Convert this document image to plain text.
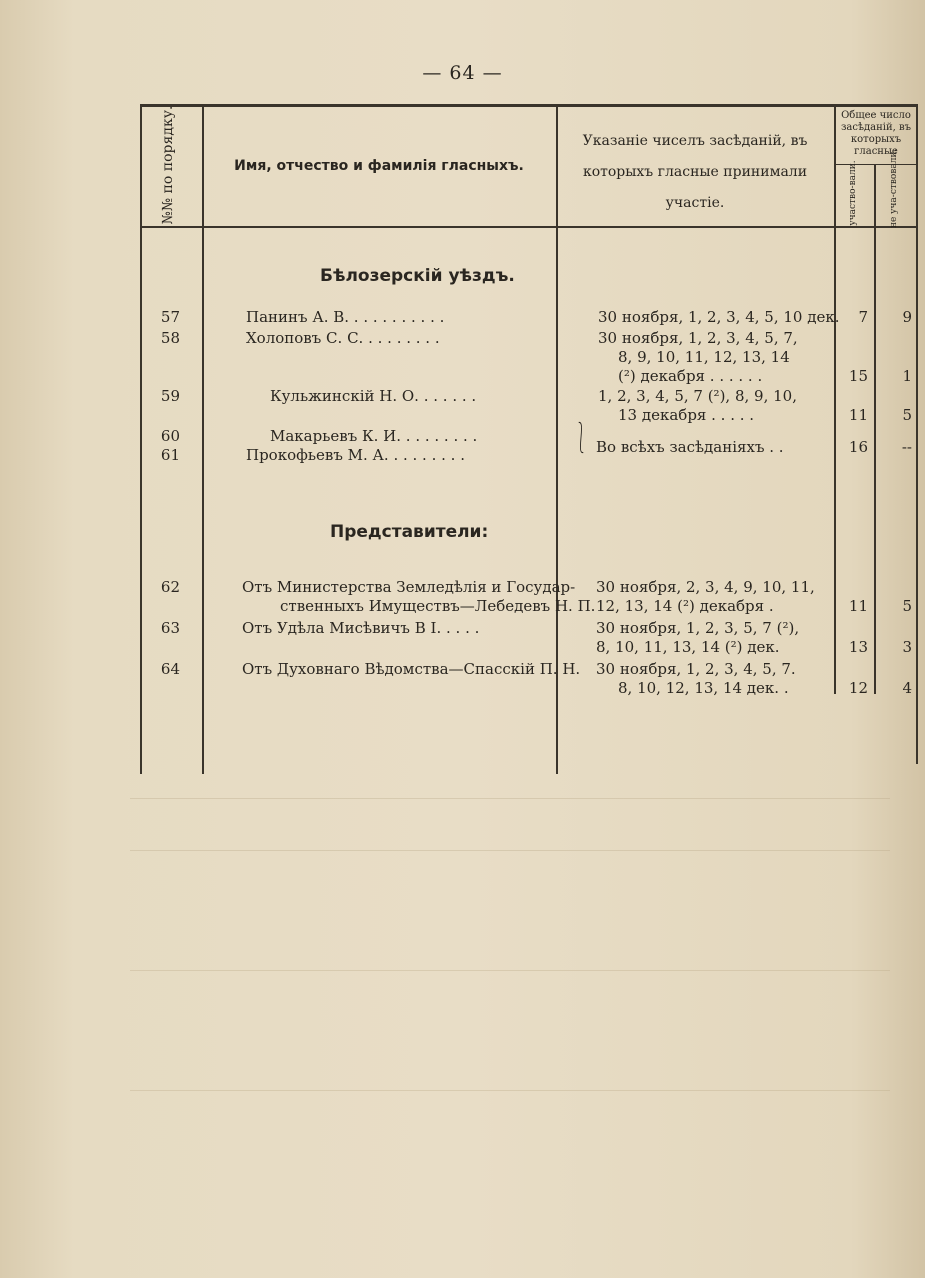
— 64 —
№№ по порядку.	Имя, отчество и фамилія гласныхъ.
Указаніе чиселъ засѣданій, въ
которыхъ гласные принимали
участіе.
Общее число
засѣданій, въ
которыхъ
гласные
участво-вали.	не уча-ствовали.
Бѣлозерскій уѣздъ.
Представители:
57	Панинъ А. В. . . . . . . . . . .	30 ноября, 1, 2, 3, 4, 5, 10 дек.	7	9
58	Холоповъ С. С. . . . . . . . .	30 ноября, 1, 2, 3, 4, 5, 7,
8, 9, 10, 11, 12, 13, 14
(²) декабря . . . . . .	15	1
59	Кульжинскій Н. О. . . . . . .	1, 2, 3, 4, 5, 7 (²), 8, 9, 10,
13 декабря . . . . .	11	5
60	Макарьевъ К. И. . . . . . . . .
61	Прокофьевъ М. А. . . . . . . . .	⎱ Во всѣхъ засѣданіяхъ . .	16	--
62	Отъ Министерства Земледѣлія и Государ-
ственныхъ Имуществъ—Лебедевъ Н. П.
30 ноября, 2, 3, 4, 9, 10, 11,
12, 13, 14 (²) декабря .	11	5
63	Отъ Удѣла Мисѣвичъ В І. . . . .	30 ноября, 1, 2, 3, 5, 7 (²),
8, 10, 11, 13, 14 (²) дек.	13	3
64	Отъ Духовнаго Вѣдомства—Спасскій П. Н. 30 ноября, 1, 2, 3, 4, 5, 7.
8, 10, 12, 13, 14 дек. .	12	4
